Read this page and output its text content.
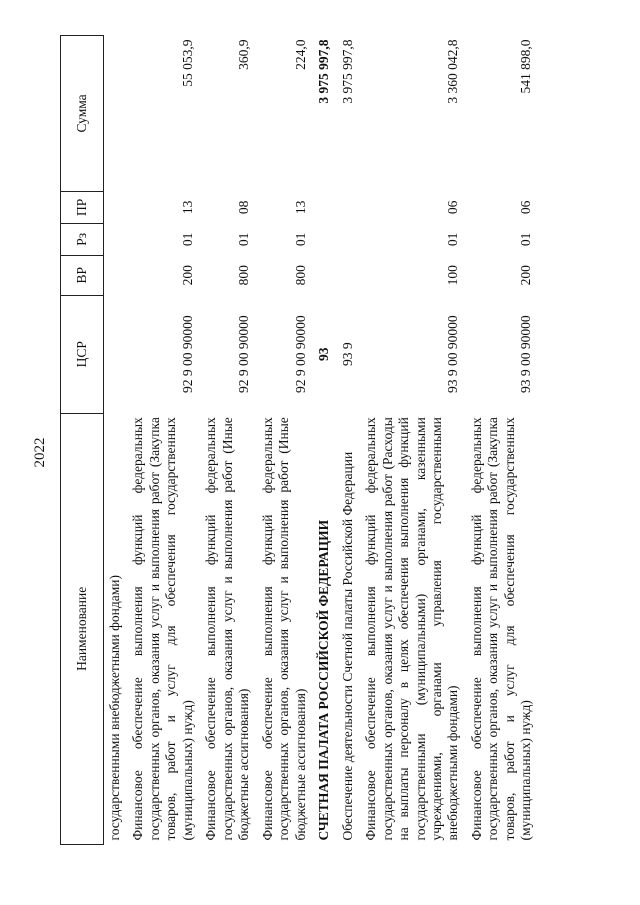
2022
Наименование	ЦСР	ВР	Рз	ПР	Сумма
государственными внебюджетными фондами)					
Финансовое обеспечение выполнения функций федеральных государственных органов, оказания услуг и выполнения работ (Закупка товаров, работ и услуг для обеспечения государственных (муниципальных) нужд)	92 9 00 90000	200	01	13	55 053,9
Финансовое обеспечение выполнения функций федеральных государственных органов, оказания услуг и выполнения работ (Иные бюджетные ассигнования)	92 9 00 90000	800	01	08	360,9
Финансовое обеспечение выполнения функций федеральных государственных органов, оказания услуг и выполнения работ (Иные бюджетные ассигнования)	92 9 00 90000	800	01	13	224,0
СЧЕТНАЯ ПАЛАТА РОССИЙСКОЙ ФЕДЕРАЦИИ	93				3 975 997,8
Обеспечение деятельности Счетной палаты Российской Федерации	93 9				3 975 997,8
Финансовое обеспечение выполнения функций федеральных государственных органов, оказания услуг и выполнения работ (Расходы на выплаты персоналу в целях обеспечения выполнения функций государственными (муниципальными) органами, казенными учреждениями, органами управления государственными внебюджетными фондами)	93 9 00 90000	100	01	06	3 360 042,8
Финансовое обеспечение выполнения функций федеральных государственных органов, оказания услуг и выполнения работ (Закупка товаров, работ и услуг для обеспечения государственных (муниципальных) нужд)	93 9 00 90000	200	01	06	541 898,0
